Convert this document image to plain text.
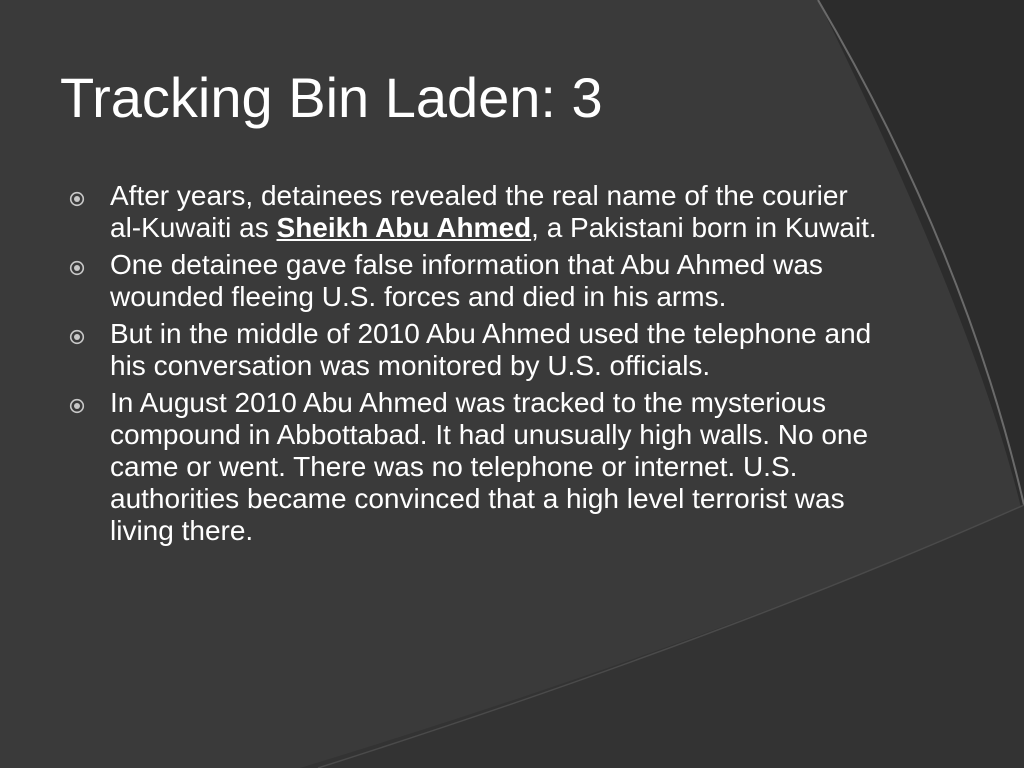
Tracking Bin Laden: 3
After years, detainees revealed the real name of the courier al-Kuwaiti as Sheikh Abu Ahmed, a Pakistani born in Kuwait.
One detainee gave false information that Abu Ahmed was wounded fleeing U.S. forces and died in his arms.
But in the middle of 2010 Abu Ahmed used the telephone and his conversation was monitored by U.S. officials.
In August 2010 Abu Ahmed was tracked to the mysterious compound in Abbottabad. It had unusually high walls. No one came or went. There was no telephone or internet. U.S. authorities became convinced that a high level terrorist was living there.
